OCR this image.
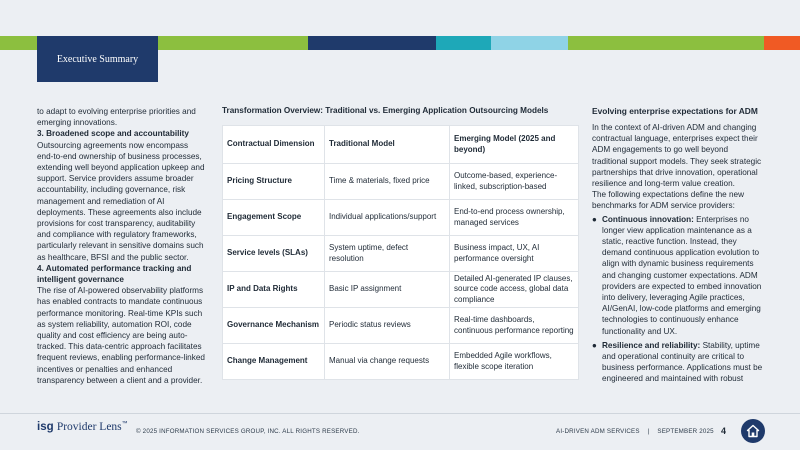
Executive Summary

to adapt to evolving enterprise priorities and emerging innovations.

3. Broadened scope and accountability

Outsourcing agreements now encompass end-to-end ownership of business processes, extending well beyond application upkeep and support. Service providers assume broader accountability, including governance, risk management and remediation of AI deployments. These agreements also include provisions for cost transparency, auditability and compliance with regulatory frameworks, particularly relevant in sensitive domains such as healthcare, BFSI and the public sector.

4. Automated performance tracking and intelligent governance

The rise of AI-powered observability platforms has enabled contracts to mandate continuous performance monitoring. Real-time KPIs such as system reliability, automation ROI, code quality and cost efficiency are being auto-tracked. This data-centric approach facilitates frequent reviews, enabling performance-linked incentives or penalties and enhanced transparency between a client and a provider.

Transformation Overview: Traditional vs. Emerging Application Outsourcing Models
Contractual Dimension	Traditional Model	Emerging Model (2025 and beyond)
Pricing Structure	Time & materials, fixed price	Outcome-based, experience-linked, subscription-based
Engagement Scope	Individual applications/support	End-to-end process ownership, managed services
Service levels (SLAs)	System uptime, defect resolution	Business impact, UX, AI performance oversight
IP and Data Rights	Basic IP assignment	Detailed AI-generated IP clauses, source code access, global data compliance
Governance Mechanism	Periodic status reviews	Real-time dashboards, continuous performance reporting
Change Management	Manual via change requests	Embedded Agile workflows, flexible scope iteration
Evolving enterprise expectations for ADM

In the context of AI-driven ADM and changing contractual language, enterprises expect their ADM engagements to go well beyond traditional support models. They seek strategic partnerships that drive innovation, operational resilience and long-term value creation.

The following expectations define the new benchmarks for ADM service providers:

● Continuous innovation: Enterprises no longer view application maintenance as a static, reactive function. Instead, they demand continuous application evolution to align with dynamic business requirements and changing customer expectations. ADM providers are expected to embed innovation into delivery, leveraging Agile practices, AI/GenAI, low-code platforms and emerging technologies to continuously enhance functionality and UX.
● Resilience and reliability: Stability, uptime and operational continuity are critical to business performance. Applications must be engineered and maintained with robust
isg Provider Lens™
© 2025 INFORMATION SERVICES GROUP, INC. ALL RIGHTS RESERVED.	AI-DRIVEN ADM SERVICES | SEPTEMBER 2025 4
